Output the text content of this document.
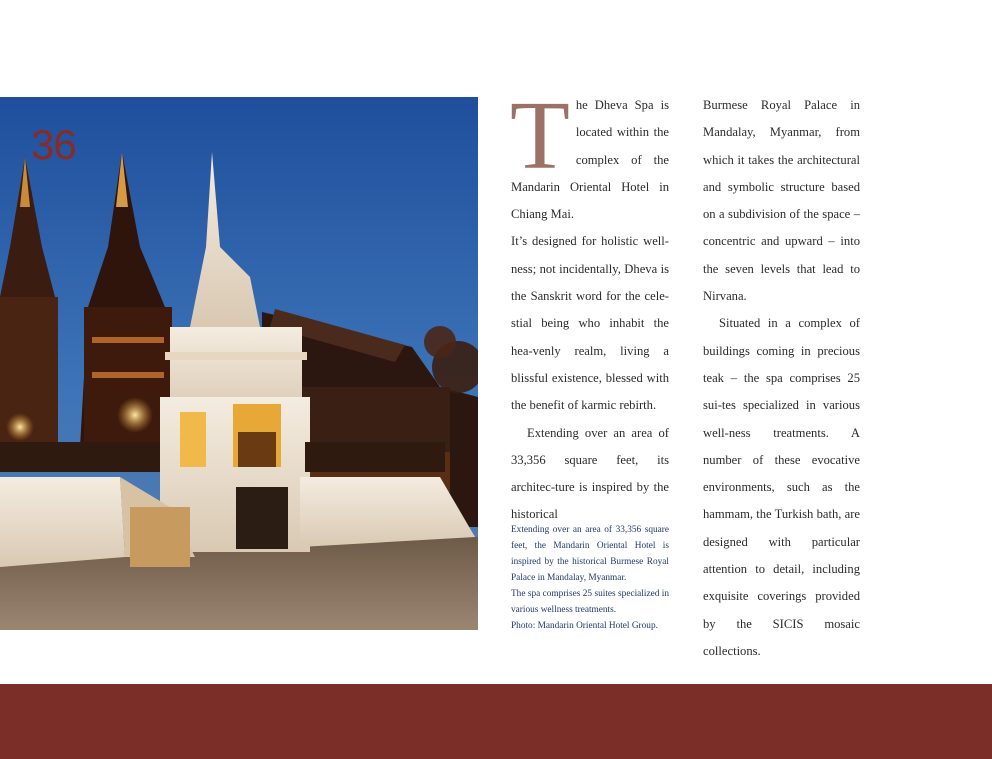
36	The Dheva Spa is located within the complex of the Mandarin Oriental Hotel in Chiang Mai.

It’s designed for holistic well-ness; not incidentally, Dheva is the Sanskrit word for the cele-stial being who inhabit the hea-venly realm, living a blissful existence, blessed with the benefit of karmic rebirth.

Extending over an area of 33,356 square feet, its architec-ture is inspired by the historical

Extending over an area of 33,356 square feet, the Mandarin Oriental Hotel is inspired by the historical Burmese Royal Palace in Mandalay, Myanmar.

The spa comprises 25 suites specialized in various wellness treatments.

Photo: Mandarin Oriental Hotel Group.

Burmese Royal Palace in Mandalay, Myanmar, from which it takes the architectural and symbolic structure based on a subdivision of the space – concentric and upward – into the seven levels that lead to Nirvana.

Situated in a complex of buildings coming in precious teak – the spa comprises 25 sui-tes specialized in various well-ness treatments. A number of these evocative environments, such as the hammam, the Turkish bath, are designed with particular attention to detail, including exquisite coverings provided by the SICIS mosaic collections.
